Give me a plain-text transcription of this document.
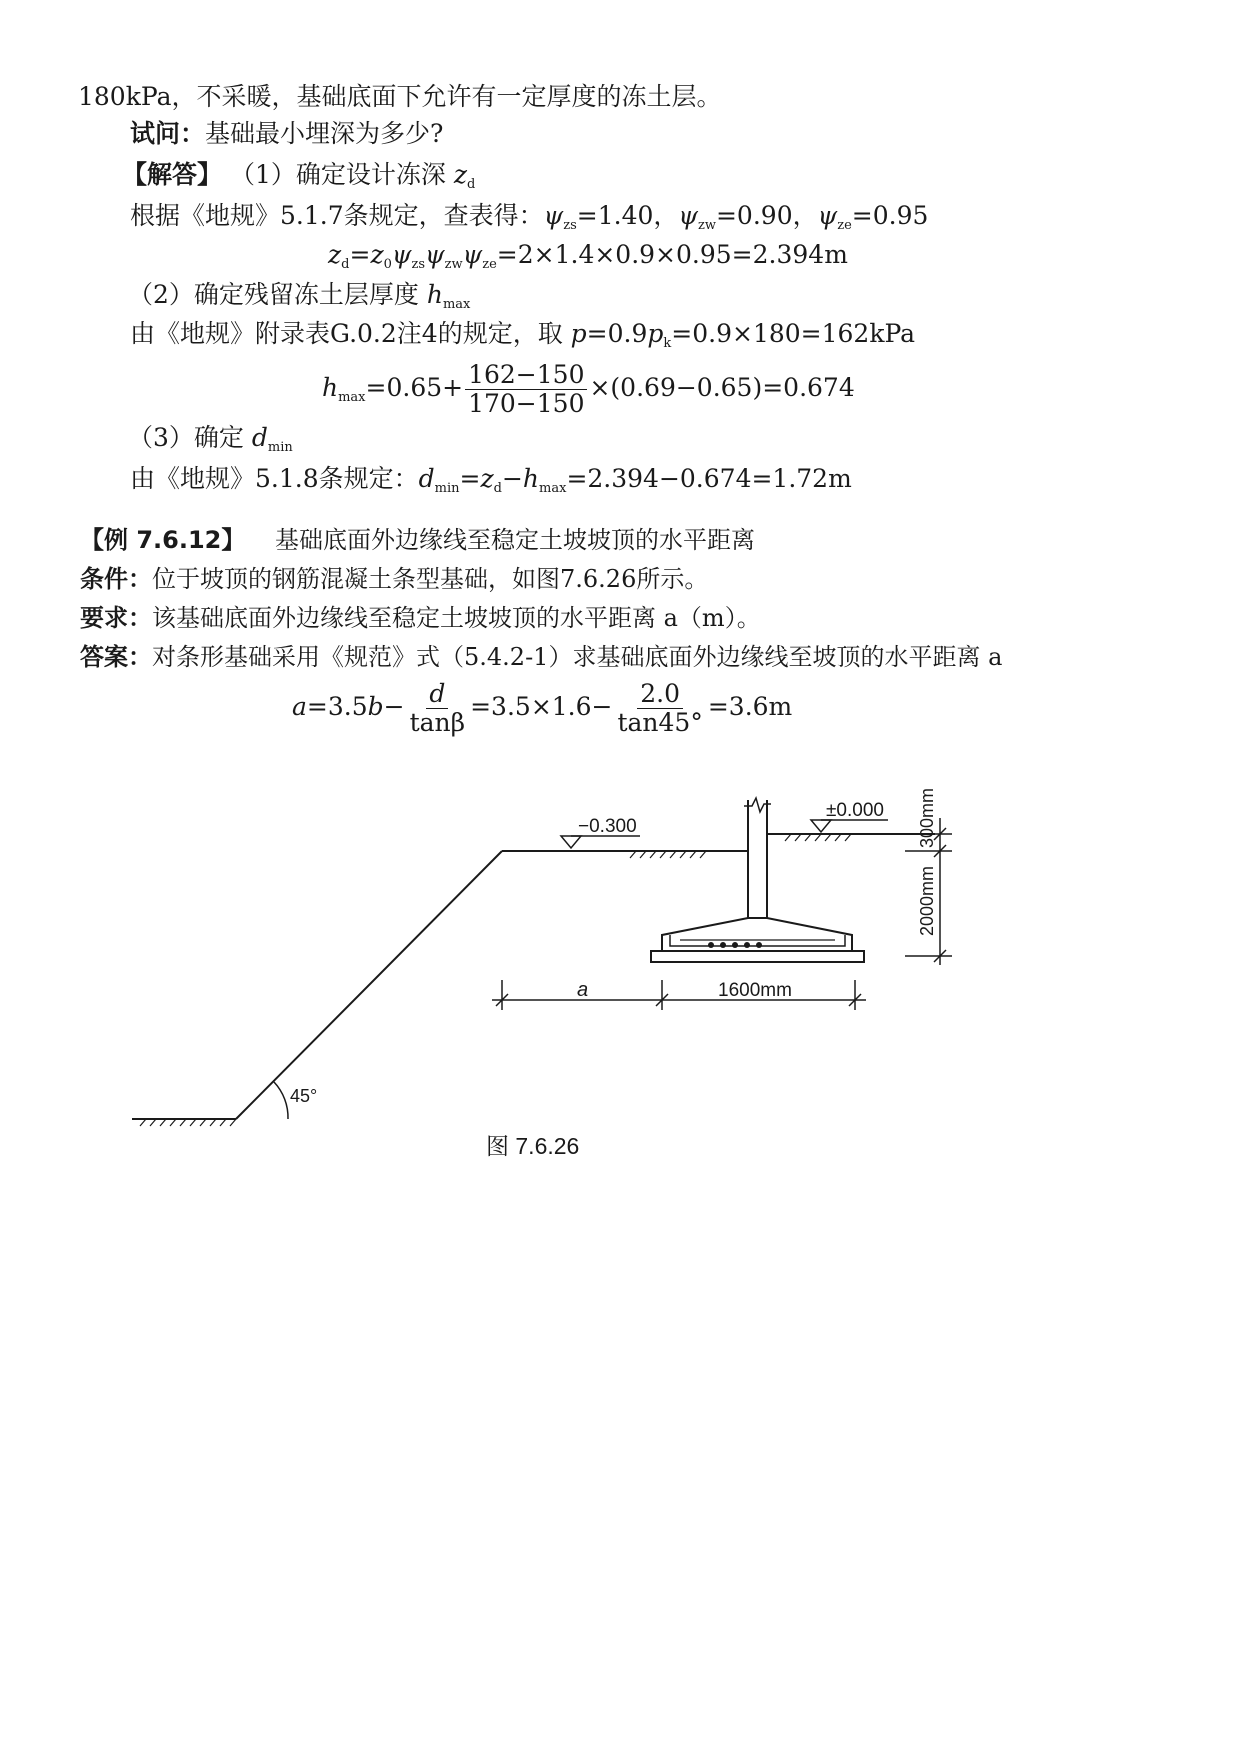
180kPa，不采暖，基础底面下允许有一定厚度的冻土层。
试问：基础最小埋深为多少?
【解答】 （1）确定设计冻深 $z_d$
根据《地规》5.1.7条规定，查表得：$\psi_{zs}=1.40$，$\psi_{zw}=0.90$，$\psi_{ze}=0.95$
$z_d=z_0\psi_{zs}\psi_{zw}\psi_{ze}=2\times 1.4\times 0.9\times 0.95=2.394m$
（2）确定残留冻土层厚度 $h_{max}$
由《地规》附录表G.0.2注4的规定，取 $p=0.9p_k=0.9\times 180=162kPa$
$h_{max}=0.65+ \frac{162-150}{170-150} \times(0.69-0.65)=0.674$
（3）确定 $d_{min}$
由《地规》5.1.8条规定：$d_{min}=z_d-h_{max}=2.394-0.674=1.72m$
【例 7.6.12】 基础底面外边缘线至稳定土坡坡顶的水平距离
条件：位于坡顶的钢筋混凝土条型基础，如图7.6.26所示。
要求：该基础底面外边缘线至稳定土坡坡顶的水平距离 a（m）。
答案：对条形基础采用《规范》式（5.4.2-1）求基础底面外边缘线至坡顶的水平距离 a
$a=3.5b- \frac{d}{\tan\beta} =3.5\times 1.6- \frac{2.0}{\tan 45^\circ} =3.6m$
−0.300
±0.000 300mm
2000mm
a	1600mm
45°
图 7.6.26
